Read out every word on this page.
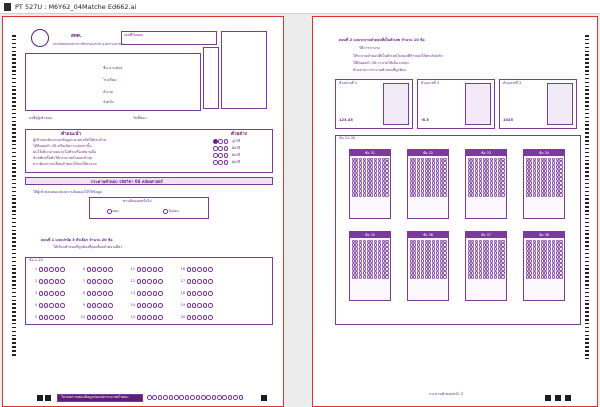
PT 527U : M6Y62_04Matche Ed662.ai
สทศ.
สถาบันทดสอบทางการศึกษาแห่งชาติ (องค์การมหาชน)
เลขที่นั่งสอบ
ชื่อ-นามสกุล
โรงเรียน
อำเภอ
จังหวัด
ลงชื่อผู้เข้าสอบ	วันที่สอบ
คำแนะนำ
ผู้เข้าสอบต้องกรอกข้อมูลและฝนรหัสให้ครบถ้วน
ใช้ดินสอดำ 2B หรือเข้มกว่าฝนเท่านั้น
ฝนให้เต็มวงกลมและไม่ทำเครื่องหมายอื่น
ห้ามพับหรือทำให้กระดาษคำตอบชำรุด
หากต้องการเปลี่ยนคำตอบให้ลบให้สะอาด
ตัวอย่าง
ถูกวิธี
ผิดวิธี
ผิดวิธี
ผิดวิธี
กระดาษคำตอบ รหัสวิชา 04 คณิตศาสตร์
ให้ผู้เข้าสอบฝนแสดงความยินยอมให้ใช้ข้อมูล
ท่านยินยอมหรือไม่
ยอม	ไม่ยอม
ตอนที่ 1 แบบปรนัย 5 ตัวเลือก จำนวน 20 ข้อ
ให้เลือกคำตอบที่ถูกต้องที่สุดเพียงคำตอบเดียว
ข้อ 1-20
1
2
3
4
5
6
7
8
9
10
11
12
13
14
15
16
17
18
19
20
โปรดตรวจสอบข้อมูลก่อนส่งกระดาษคำตอบ
ตอนที่ 2 แบบระบายคำตอบที่เป็นตัวเลข จำนวน 10 ข้อ
วิธีการระบาย
ให้ระบายคำตอบที่เป็นตัวเลขในช่องที่กำหนดให้ตรงกับหลัก
ใช้ดินสอดำ 2B ระบายให้เต็มวงกลม
ตัวอย่างการระบายคำตอบที่ถูกต้อง
ตัวอย่างที่ 1
123.45
ตัวอย่างที่ 2
-8.5
ตัวอย่างที่ 3
1025
ข้อ 31-40
ข้อ 31	ข้อ 32	ข้อ 33	ข้อ 34
ข้อ 35	ข้อ 36	ข้อ 37	ข้อ 38
กระดาษคำตอบหน้า 2
